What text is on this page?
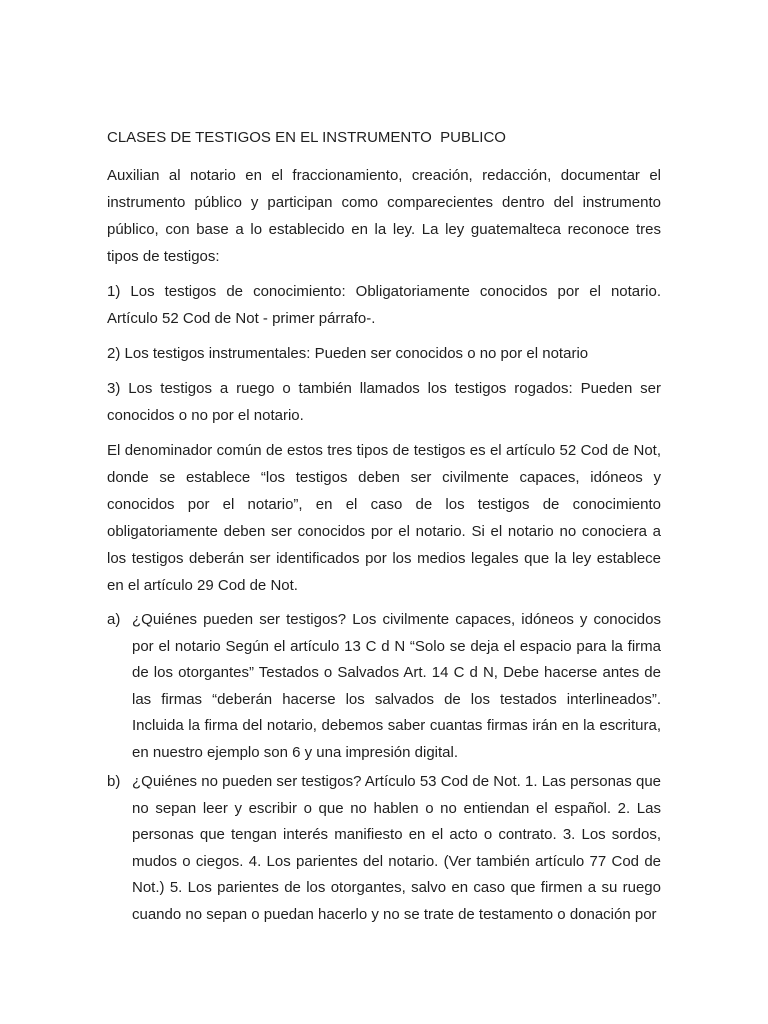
CLASES DE TESTIGOS EN EL INSTRUMENTO  PUBLICO

Auxilian al notario en el fraccionamiento, creación, redacción, documentar el instrumento público y participan como comparecientes dentro del instrumento público, con base a lo establecido en la ley. La ley guatemalteca reconoce tres tipos de testigos:

1) Los testigos de conocimiento: Obligatoriamente conocidos por el notario. Artículo 52 Cod de Not - primer párrafo-.

2) Los testigos instrumentales: Pueden ser conocidos o no por el notario

3) Los testigos a ruego o también llamados los testigos rogados: Pueden ser conocidos o no por el notario.

El denominador común de estos tres tipos de testigos es el artículo 52 Cod de Not, donde se establece “los testigos deben ser civilmente capaces, idóneos y conocidos por el notario”, en el caso de los testigos de conocimiento obligatoriamente deben ser conocidos por el notario. Si el notario no conociera a los testigos deberán ser identificados por los medios legales que la ley establece en el artículo 29 Cod de Not.

a) ¿Quiénes pueden ser testigos? Los civilmente capaces, idóneos y conocidos por el notario Según el artículo 13 C d N “Solo se deja el espacio para la firma de los otorgantes” Testados o Salvados Art. 14 C d N, Debe hacerse antes de las firmas “deberán hacerse los salvados de los testados interlineados”. Incluida la firma del notario, debemos saber cuantas firmas irán en la escritura, en nuestro ejemplo son 6 y una impresión digital.
b) ¿Quiénes no pueden ser testigos? Artículo 53 Cod de Not. 1. Las personas que no sepan leer y escribir o que no hablen o no entiendan el español. 2. Las personas que tengan interés manifiesto en el acto o contrato. 3. Los sordos, mudos o ciegos. 4. Los parientes del notario. (Ver también artículo 77 Cod de Not.) 5. Los parientes de los otorgantes, salvo en caso que firmen a su ruego cuando no sepan o puedan hacerlo y no se trate de testamento o donación por
